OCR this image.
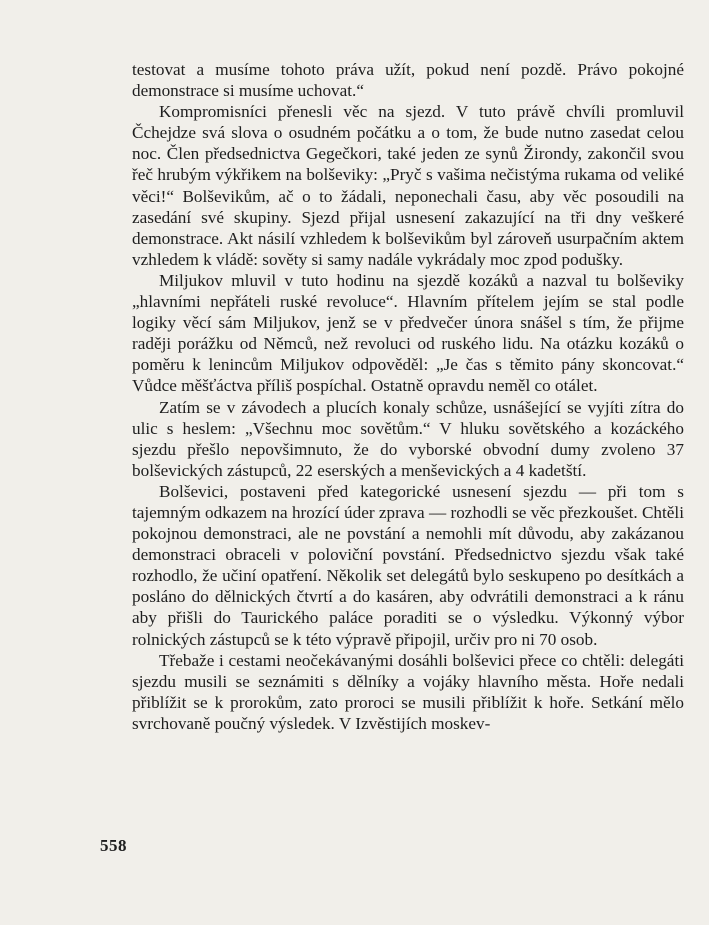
testovat a musíme tohoto práva užít, pokud není pozdě. Právo pokojné demonstrace si musíme uchovat.“

Kompromisníci přenesli věc na sjezd. V tuto právě chvíli promluvil Čchejdze svá slova o osudném počátku a o tom, že bude nutno zasedat celou noc. Člen předsednictva Gegečkori, také jeden ze synů Žirondy, zakončil svou řeč hrubým výkřikem na bolševiky: „Pryč s vašima nečistýma rukama od veliké věci!“ Bolševikům, ač o to žádali, neponechali času, aby věc posoudili na zasedání své skupiny. Sjezd přijal usnesení zakazující na tři dny veškeré demonstrace. Akt násilí vzhledem k bolševikům byl zároveň usurpačním aktem vzhledem k vládě: sověty si samy nadále vykrádaly moc zpod podušky.

Miljukov mluvil v tuto hodinu na sjezdě kozáků a nazval tu bolševiky „hlavními nepřáteli ruské revoluce“. Hlavním přítelem jejím se stal podle logiky věcí sám Miljukov, jenž se v předvečer února snášel s tím, že přijme raději porážku od Němců, než revoluci od ruského lidu. Na otázku kozáků o poměru k lenincům Miljukov odpověděl: „Je čas s těmito pány skoncovat.“ Vůdce měšťáctva příliš pospíchal. Ostatně opravdu neměl co otálet.

Zatím se v závodech a plucích konaly schůze, usnášející se vyjíti zítra do ulic s heslem: „Všechnu moc sovětům.“ V hluku sovětského a kozáckého sjezdu přešlo nepovšimnuto, že do vyborské obvodní dumy zvoleno 37 bolševických zástupců, 22 eserských a menševických a 4 kadetští.

Bolševici, postaveni před kategorické usnesení sjezdu — při tom s tajemným odkazem na hrozící úder zprava — rozhodli se věc přezkoušet. Chtěli pokojnou demonstraci, ale ne povstání a nemohli mít důvodu, aby zakázanou demonstraci obraceli v poloviční povstání. Předsednictvo sjezdu však také rozhodlo, že učiní opatření. Několik set delegátů bylo seskupeno po desítkách a posláno do dělnických čtvrtí a do kasáren, aby odvrátili demonstraci a k ránu aby přišli do Taurického paláce poraditi se o výsledku. Výkonný výbor rolnických zástupců se k této výpravě připojil, určiv pro ni 70 osob.

Třebaže i cestami neočekávanými dosáhli bolševici přece co chtěli: delegáti sjezdu musili se seznámiti s dělníky a vojáky hlavního města. Hoře nedali přiblížit se k prorokům, zato proroci se musili přiblížit k hoře. Setkání mělo svrchovaně poučný výsledek. V Izvěstijích moskev-

558
